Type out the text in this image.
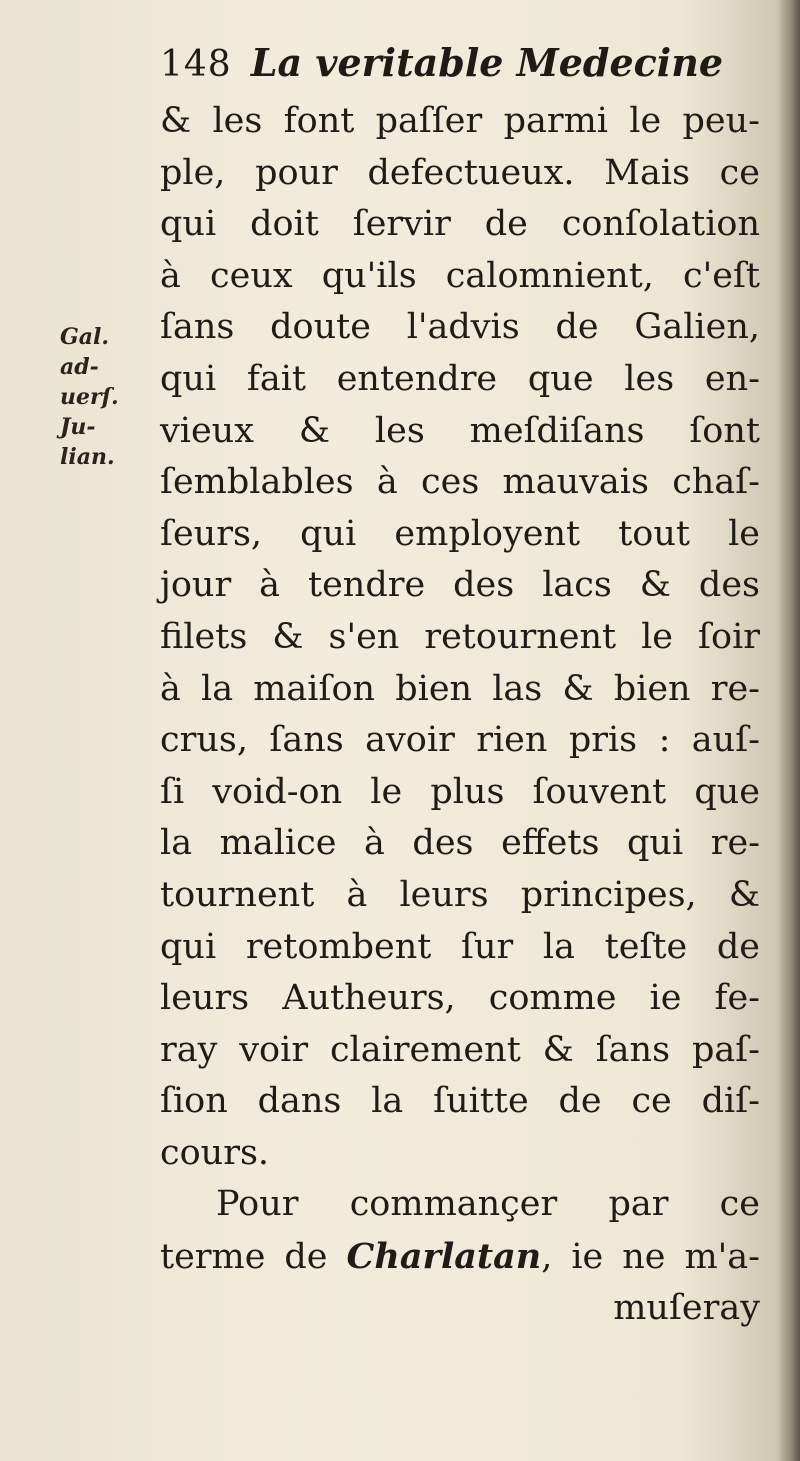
148 La veritable Medecine
Gal.
ad-
uerſ.
Ju-
lian.
& les font paſſer parmi le peu-
ple, pour defectueux. Mais ce
qui doit ſervir de conſolation
à ceux qu'ils calomnient, c'eſt
ſans doute l'advis de Galien,
qui fait entendre que les en-
vieux & les meſdiſans ſont
ſemblables à ces mauvais chaſ-
ſeurs, qui employent tout le
jour à tendre des lacs & des
filets & s'en retournent le ſoir
à la maiſon bien las & bien re-
crus, ſans avoir rien pris : auſ-
ſi void-on le plus ſouvent que
la malice à des effets qui re-
tournent à leurs principes, &
qui retombent ſur la teſte de
leurs Autheurs, comme ie fe-
ray voir clairement & ſans paſ-
ſion dans la ſuitte de ce diſ-
cours.
Pour commançer par ce
terme de Charlatan, ie ne m'a-
muſeray
